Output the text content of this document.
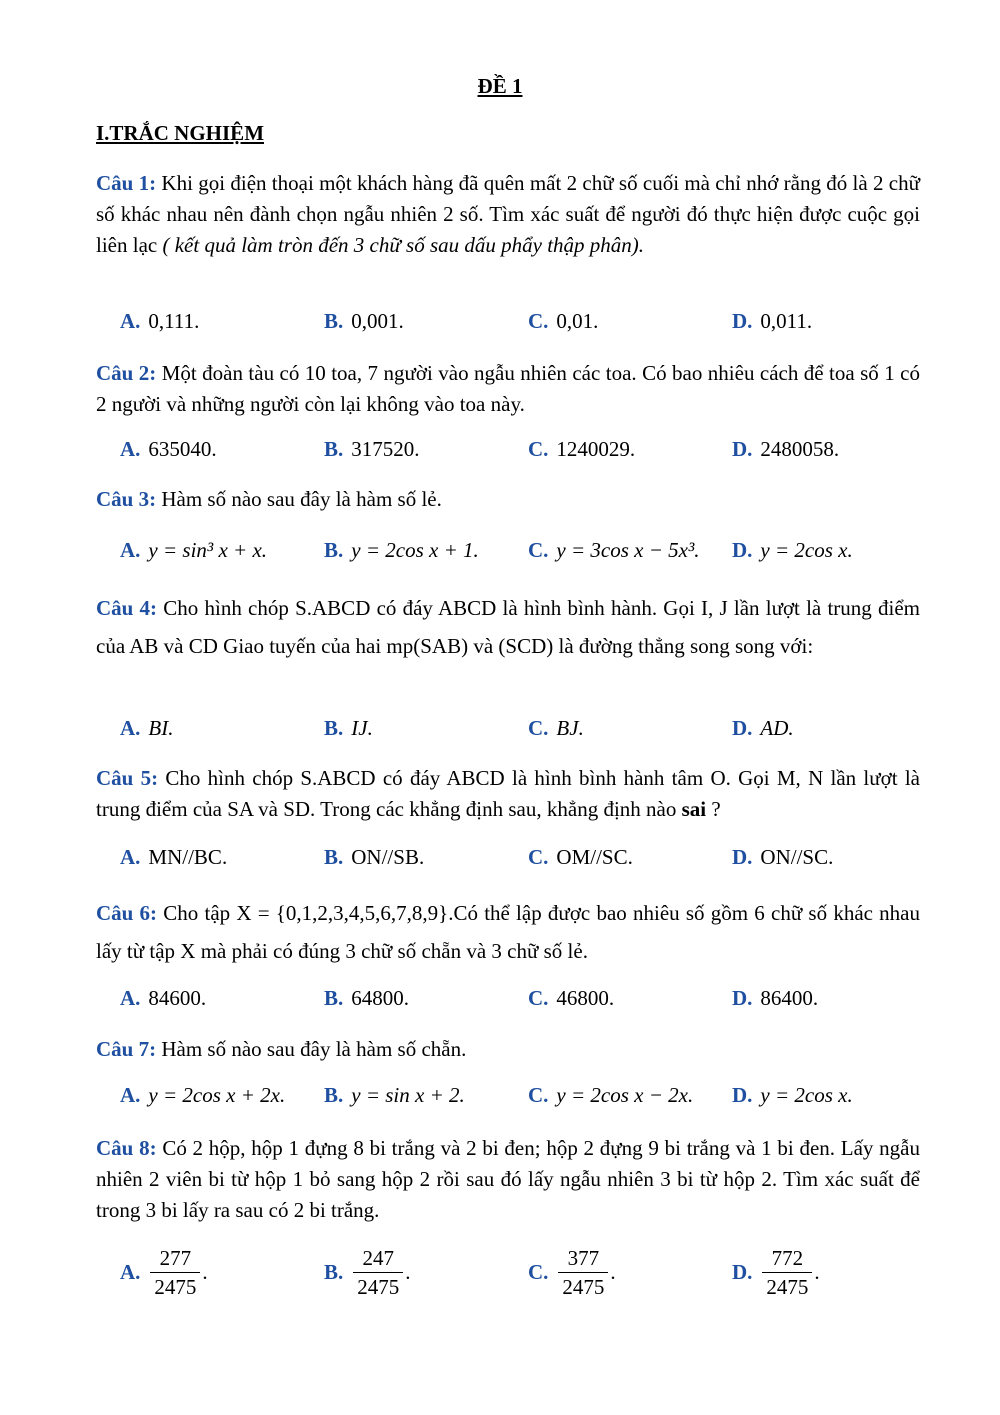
ĐỀ 1
I.TRẮC NGHIỆM
Câu 1: Khi gọi điện thoại một khách hàng đã quên mất 2 chữ số cuối mà chỉ nhớ rằng đó là 2 chữ số khác nhau nên đành chọn ngẫu nhiên 2 số. Tìm xác suất để người đó thực hiện được cuộc gọi liên lạc ( kết quả làm tròn đến 3 chữ số sau dấu phẩy thập phân).
A. 0,111.	B. 0,001.	C. 0,01.	D. 0,011.
Câu 2: Một đoàn tàu có 10 toa, 7 người vào ngẫu nhiên các toa. Có bao nhiêu cách để toa số 1 có 2 người và những người còn lại không vào toa này.
A. 635040.	B. 317520.	C. 1240029.	D. 2480058.
Câu 3: Hàm số nào sau đây là hàm số lẻ.
A. y = sin³ x + x.	B. y = 2cos x + 1. C. y = 3cos x − 5x³. D. y = 2cos x.
Câu 4: Cho hình chóp S.ABCD có đáy ABCD là hình bình hành. Gọi I, J lần lượt là trung điểm của AB và CD Giao tuyến của hai mp(SAB) và (SCD) là đường thẳng song song với:
A. BI.	B. IJ.	C. BJ.	D. AD.
Câu 5: Cho hình chóp S.ABCD có đáy ABCD là hình bình hành tâm O. Gọi M, N lần lượt là trung điểm của SA và SD. Trong các khẳng định sau, khẳng định nào sai ?
A. MN//BC.	B. ON//SB.	C. OM//SC.	D. ON//SC.
Câu 6: Cho tập X = {0,1,2,3,4,5,6,7,8,9}.Có thể lập được bao nhiêu số gồm 6 chữ số khác nhau lấy từ tập X mà phải có đúng 3 chữ số chẵn và 3 chữ số lẻ.
A. 84600.	B. 64800.	C. 46800.	D. 86400.
Câu 7: Hàm số nào sau đây là hàm số chẵn.
A. y = 2cos x + 2x. B. y = sin x + 2.	C. y = 2cos x − 2x. D. y = 2cos x.
Câu 8: Có 2 hộp, hộp 1 đựng 8 bi trắng và 2 bi đen; hộp 2 đựng 9 bi trắng và 1 bi đen. Lấy ngẫu nhiên 2 viên bi từ hộp 1 bỏ sang hộp 2 rồi sau đó lấy ngẫu nhiên 3 bi từ hộp 2. Tìm xác suất để trong 3 bi lấy ra sau có 2 bi trắng.
A. $\frac{277}{2475}$ .	B. $\frac{247}{2475}$ .	C. $\frac{377}{2475}$ .	D. $\frac{772}{2475}$ .
